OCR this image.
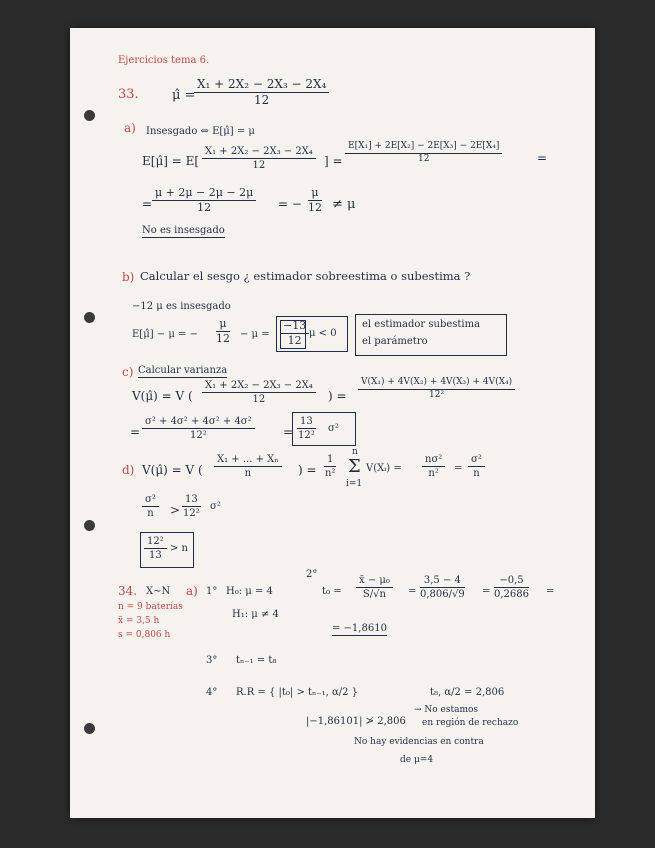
Ejercicios tema 6.
33.	μ̂ =
$\frac{\text{X₁ + 2X₂ − 2X₃ − 2X₄}}{12}$
a) Insesgado ⇔ E[μ̂] = μ
E[μ̂] = $E[ \frac{\text{X₁ + 2X₂ − 2X₃ − 2X₄}}{12}$ ] = $\frac{\text{E[X₁] + 2E[X₂] − 2E[X₃] − 2E[X₄]}}{12}$	=
= $\frac{\mu + 2\mu - 2\mu - 2\mu}{12}$ = − $\frac{\mu}{12} \ne \mu$
No es insesgado
b) Calcular el sesgo ¿ estimador sobreestima o subestima ?
−12 μ es insesgado
E[μ̂] − μ = − $\frac{\mu}{12} - \mu = \frac{-13}{12}$ μ < 0
el estimador subestima
el parámetro
c) Calcular varianza
V(μ̂) = V ( $\frac{\text{X₁ + 2X₂ − 2X₃ − 2X₄}}{12}$ ) = $\frac{\text{V(X₁) + 4V(X₂) + 4V(X₃) + 4V(X₄)}}{\text{12²}}$
= $\frac{\text{σ² + 4σ² + 4σ² + 4σ²}}{\text{12²}} = \frac{13}{\text{12²}} \sigma^2$
d) V(μ̂) = V ( $\frac{\text{X₁ + ... + Xₙ}}{n}$ ) = $\frac{1}{\text{n²}}$
n
Σ
i=1
V(Xᵢ) = $\frac{\text{nσ²}}{\text{n²}} = \frac{\text{σ²}}{n}$
$\frac{\text{σ²}}{n} > \frac{13}{\text{12²}} \sigma^2$
$\frac{\text{12²}}{13} > n$
34. X∼N
n = 9 baterías
x̄ = 3,5 h
s = 0,806 h
a) 1° H₀: μ = 4
H₁: μ ≠ 4
2°
$t_0 = \frac{\text{x̄ − μ₀}}{S/√n} = \frac{3,5 - 4}{0,806/√9} = \frac{-0,5}{0,2686}$ =
= −1,8610
3° tₙ₋₁ = t₈
4° R.R = { |t₀| > tₙ₋₁, α/2 }	t₈, α/2 = 2,806
|−1,86101| ≯ 2,806
→ No estamos
en región de rechazo
No hay evidencias en contra
de μ=4
